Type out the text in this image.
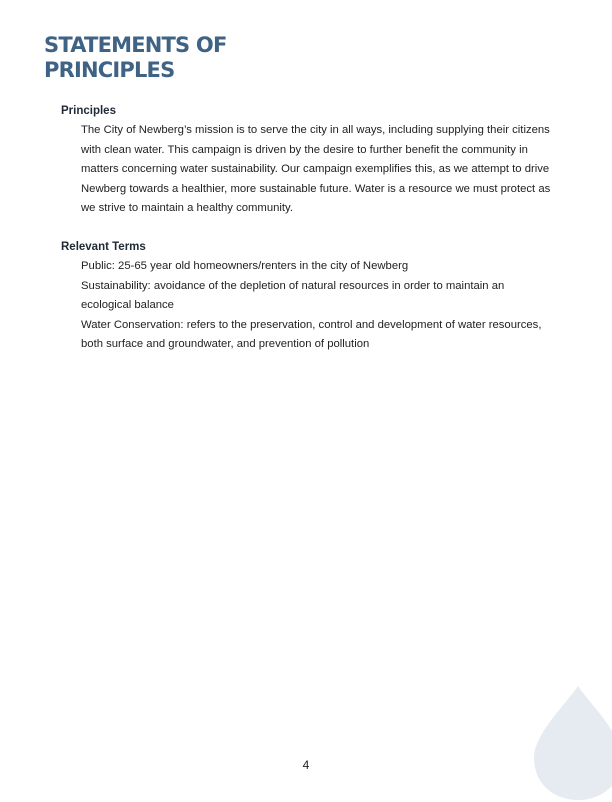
STATEMENTS OF PRINCIPLES
Principles

The City of Newberg’s mission is to serve the city in all ways, including supplying their citizens with clean water. This campaign is driven by the desire to further benefit the community in matters concerning water sustainability. Our campaign exemplifies this, as we attempt to drive Newberg towards a healthier, more sustainable future. Water is a resource we must protect as we strive to maintain a healthy community.

Relevant Terms
Public: 25-65 year old homeowners/renters in the city of Newberg
Sustainability: avoidance of the depletion of natural resources in order to maintain an ecological balance
Water Conservation: refers to the preservation, control and development of water resources, both surface and groundwater, and prevention of pollution
4
